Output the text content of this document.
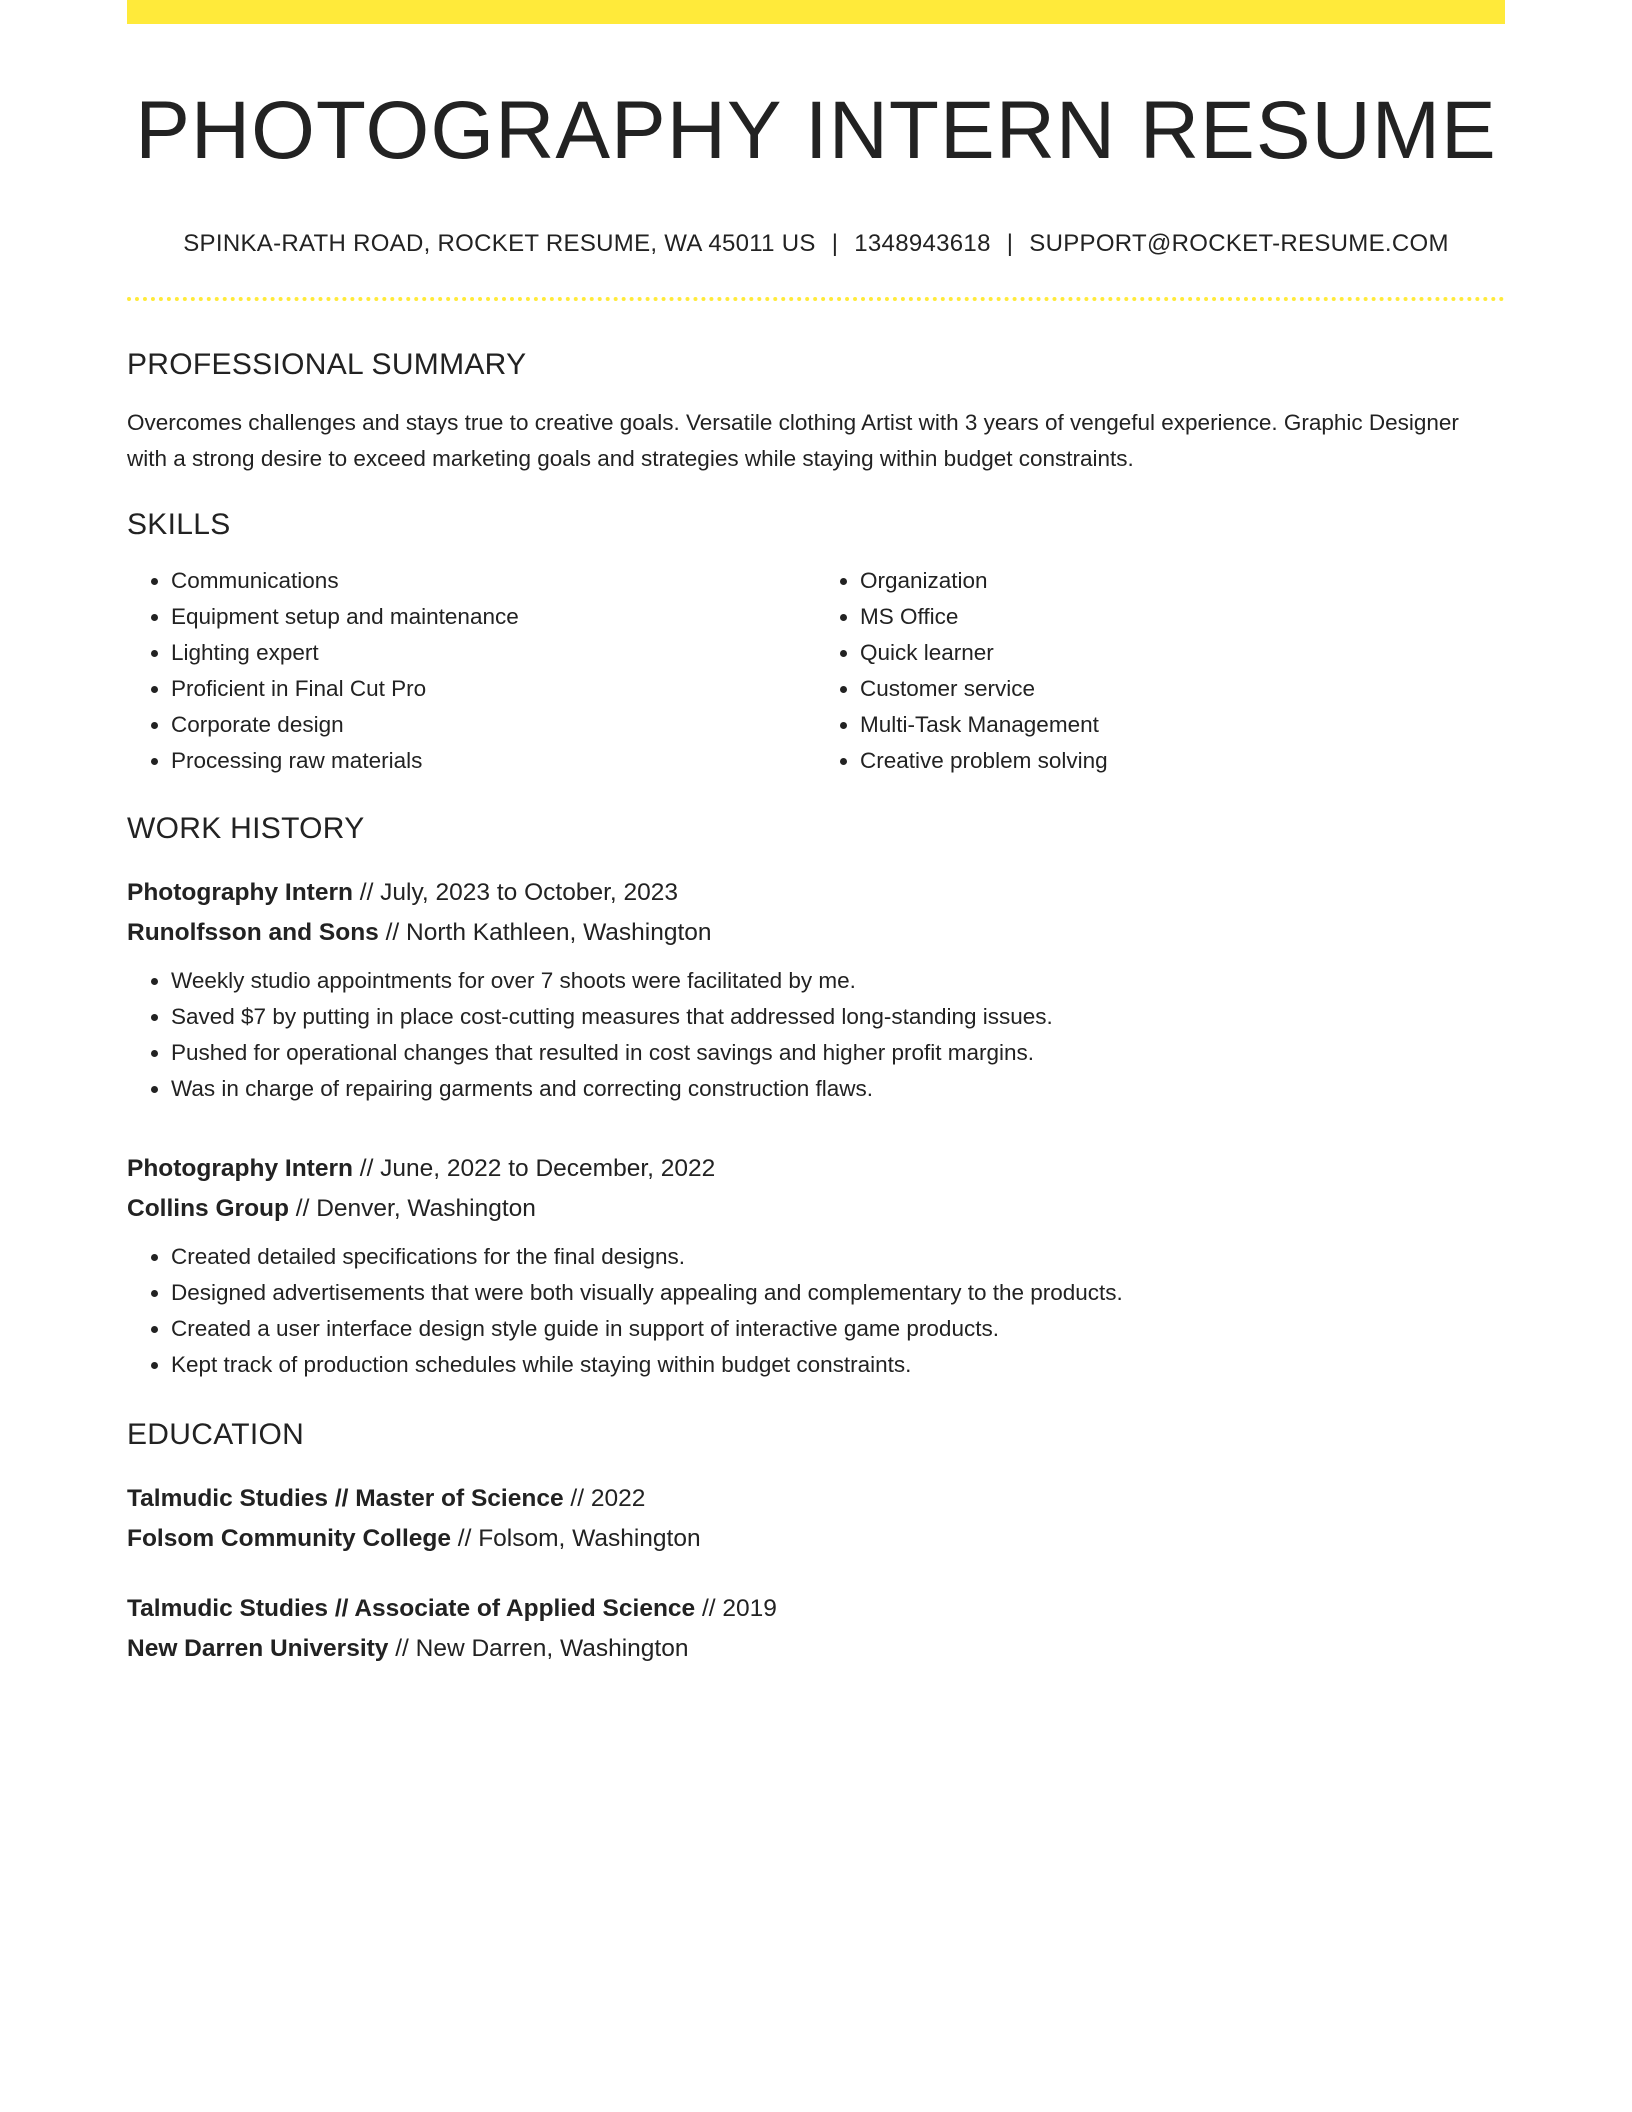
PHOTOGRAPHY INTERN RESUME
SPINKA-RATH ROAD, ROCKET RESUME, WA 45011 US | 1348943618 | SUPPORT@ROCKET-RESUME.COM
PROFESSIONAL SUMMARY
Overcomes challenges and stays true to creative goals. Versatile clothing Artist with 3 years of vengeful experience. Graphic Designer with a strong desire to exceed marketing goals and strategies while staying within budget constraints.
SKILLS
• Communications
• Equipment setup and maintenance
• Lighting expert
• Proficient in Final Cut Pro
• Corporate design
• Processing raw materials
• Organization
• MS Office
• Quick learner
• Customer service
• Multi-Task Management
• Creative problem solving
WORK HISTORY
Photography Intern // July, 2023 to October, 2023
Runolfsson and Sons // North Kathleen, Washington
• Weekly studio appointments for over 7 shoots were facilitated by me.
• Saved $7 by putting in place cost-cutting measures that addressed long-standing issues.
• Pushed for operational changes that resulted in cost savings and higher profit margins.
• Was in charge of repairing garments and correcting construction flaws.
Photography Intern // June, 2022 to December, 2022
Collins Group // Denver, Washington
• Created detailed specifications for the final designs.
• Designed advertisements that were both visually appealing and complementary to the products.
• Created a user interface design style guide in support of interactive game products.
• Kept track of production schedules while staying within budget constraints.
EDUCATION
Talmudic Studies // Master of Science // 2022
Folsom Community College // Folsom, Washington
Talmudic Studies // Associate of Applied Science // 2019
New Darren University // New Darren, Washington
